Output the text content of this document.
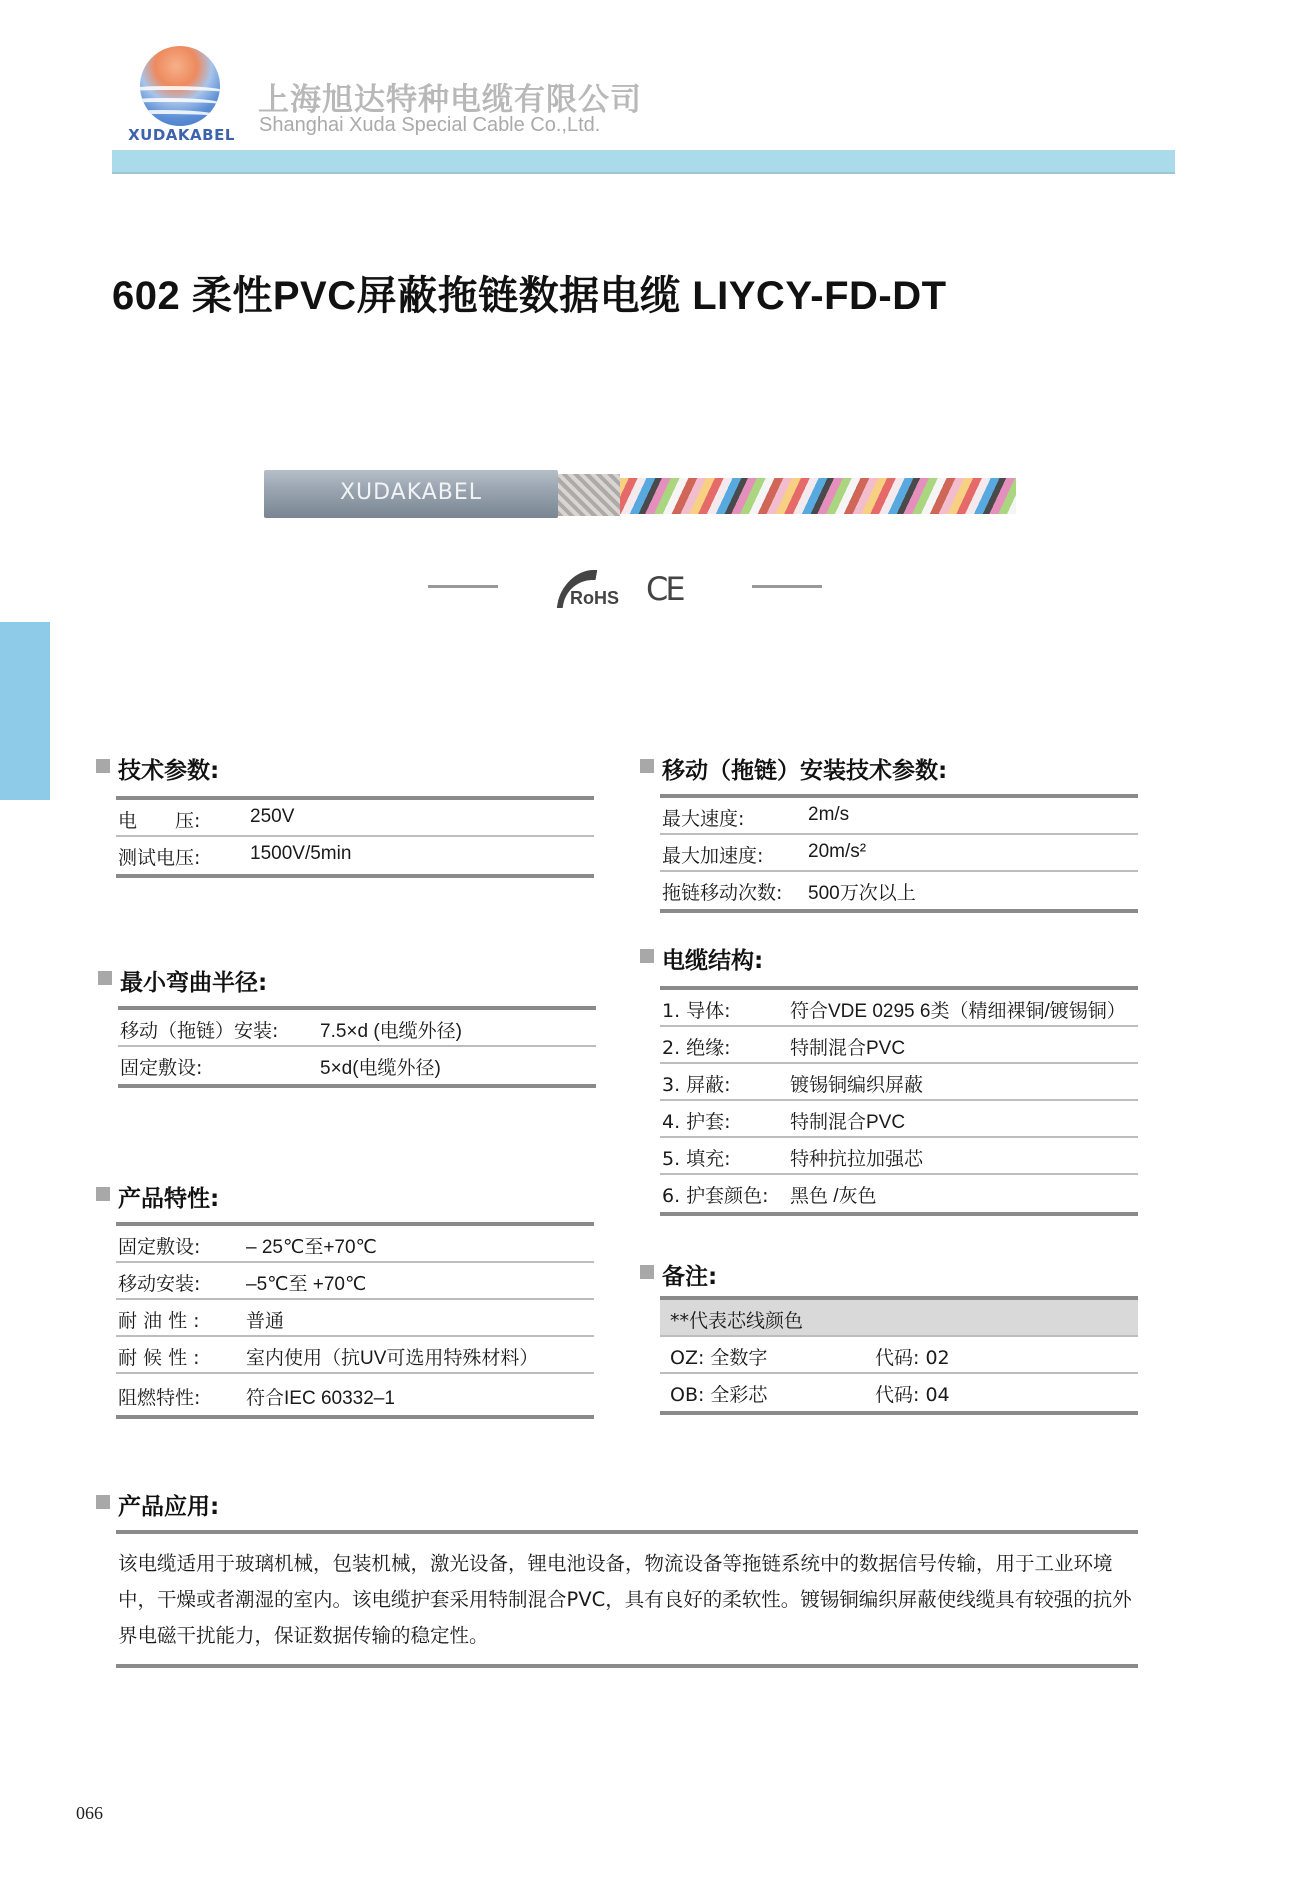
XUDAKABEL
上海旭达特种电缆有限公司
Shanghai Xuda Special Cable Co.,Ltd.
602 柔性PVC屏蔽拖链数据电缆 LIYCY-FD-DT
XUDAKABEL
RoHS CE
技术参数:
电　　压:	250V
测试电压:	1500V/5min
移动（拖链）安装技术参数:
最大速度:	2m/s
最大加速度: 20m/s²
拖链移动次数: 500万次以上
最小弯曲半径:
移动（拖链）安装: 7.5×d (电缆外径)
固定敷设:	5×d(电缆外径)
电缆结构:
1. 导体:	符合VDE 0295 6类（精细裸铜/镀锡铜）
2. 绝缘:	特制混合PVC
3. 屏蔽:	镀锡铜编织屏蔽
4. 护套:	特制混合PVC
5. 填充:	特种抗拉加强芯
6. 护套颜色: 黑色 /灰色
产品特性:
固定敷设: – 25℃至+70℃
移动安装: –5℃至 +70℃
耐 油 性 : 普通
耐 候 性 : 室内使用（抗UV可选用特殊材料）
阻燃特性: 符合IEC 60332–1
备注:
**代表芯线颜色
OZ: 全数字	代码: 02
OB: 全彩芯	代码: 04
产品应用:

该电缆适用于玻璃机械，包装机械，激光设备，锂电池设备，物流设备等拖链系统中的数据信号传输，用于工业环境中，干燥或者潮湿的室内。该电缆护套采用特制混合PVC，具有良好的柔软性。镀锡铜编织屏蔽使线缆具有较强的抗外界电磁干扰能力，保证数据传输的稳定性。

066
